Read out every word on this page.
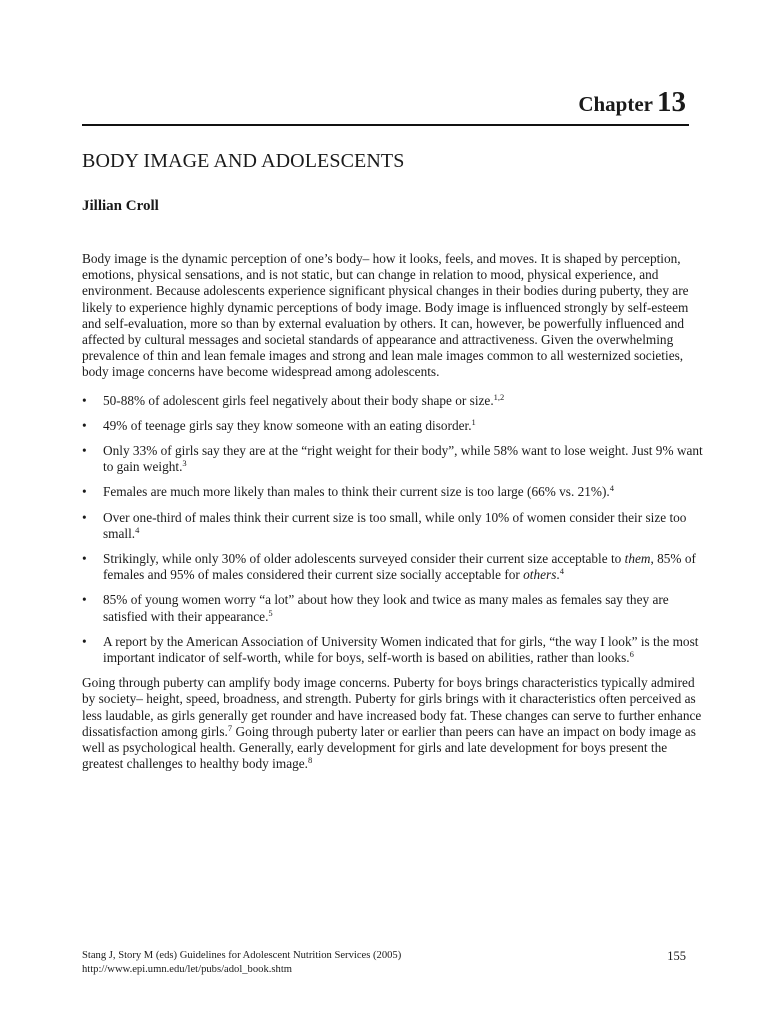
Chapter 13
BODY IMAGE AND ADOLESCENTS
Jillian Croll

Body image is the dynamic perception of one’s body– how it looks, feels, and moves. It is shaped by perception, emotions, physical sensations, and is not static, but can change in relation to mood, physical experience, and environment. Because adolescents experience significant physical changes in their bodies during puberty, they are likely to experience highly dynamic perceptions of body image. Body image is influenced strongly by self-esteem and self-evaluation, more so than by external evaluation by others. It can, however, be powerfully influenced and affected by cultural messages and societal standards of appearance and attractiveness. Given the overwhelming prevalence of thin and lean female images and strong and lean male images common to all westernized societies, body image concerns have become widespread among adolescents.

• 50-88% of adolescent girls feel negatively about their body shape or size.$^{1,2}$
• 49% of teenage girls say they know someone with an eating disorder.$^1$
• Only 33% of girls say they are at the “right weight for their body”, while 58% want to lose weight. Just 9% want to gain weight.$^3$
• Females are much more likely than males to think their current size is too large (66% vs. 21%).$^4$
• Over one-third of males think their current size is too small, while only 10% of women consider their size too small.$^4$
• Strikingly, while only 30% of older adolescents surveyed consider their current size acceptable to them, 85% of females and 95% of males considered their current size socially acceptable for others.$^4$
• 85% of young women worry “a lot” about how they look and twice as many males as females say they are satisfied with their appearance.$^5$
• A report by the American Association of University Women indicated that for girls, “the way I look” is the most important indicator of self-worth, while for boys, self-worth is based on abilities, rather than looks.$^6$

Going through puberty can amplify body image concerns. Puberty for boys brings characteristics typically admired by society– height, speed, broadness, and strength. Puberty for girls brings with it characteristics often perceived as less laudable, as girls generally get rounder and have increased body fat. These changes can serve to further enhance dissatisfaction among girls.$^7$ Going through puberty later or earlier than peers can have an impact on body image as well as psychological health. Generally, early development for girls and late development for boys present the greatest challenges to healthy body image.$^8$

Stang J, Story M (eds) Guidelines for Adolescent Nutrition Services (2005)
http://www.epi.umn.edu/let/pubs/adol_book.shtm
155
